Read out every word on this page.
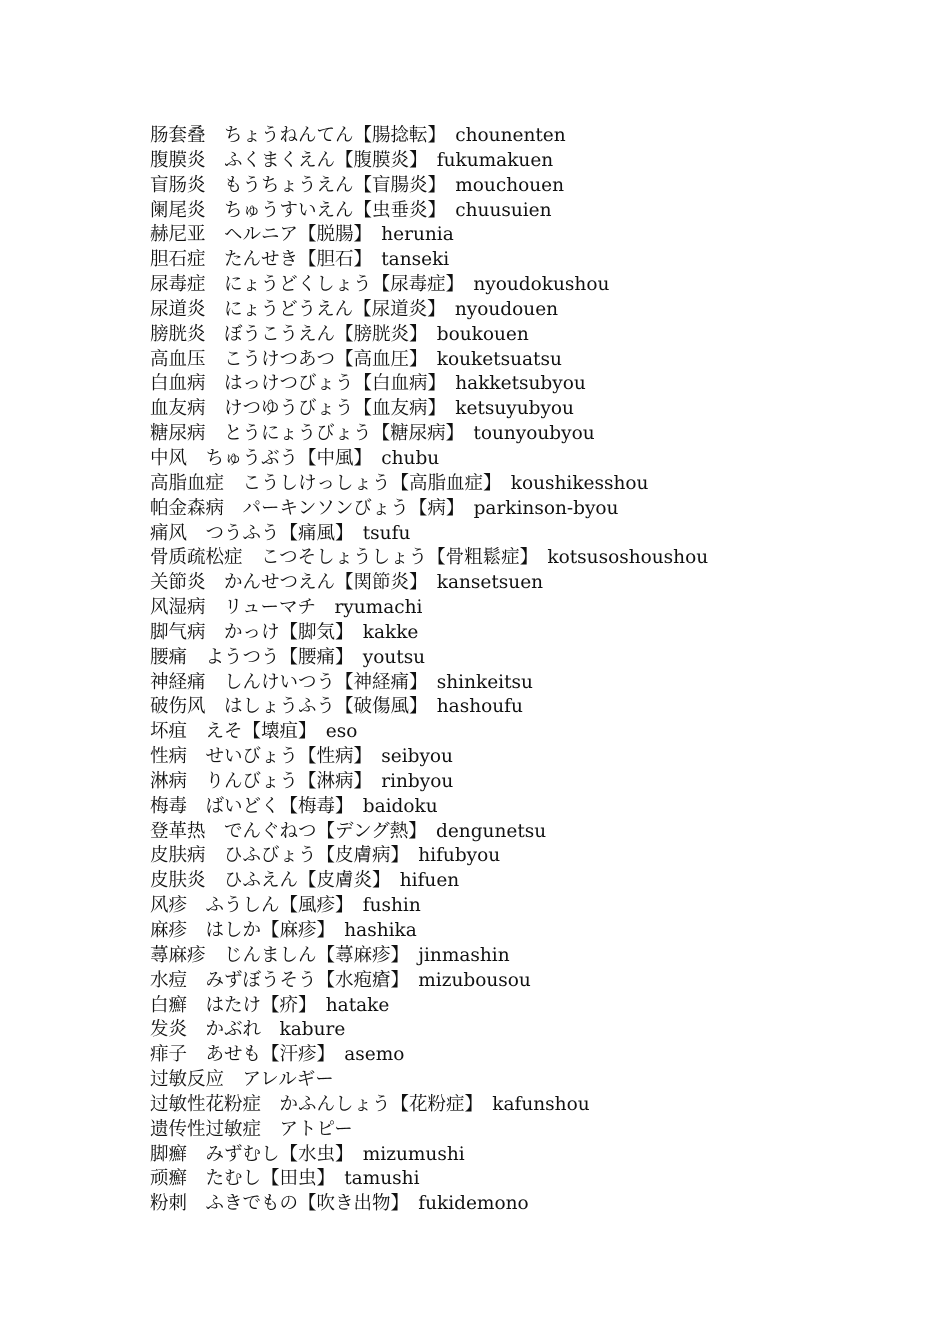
肠套叠　ちょうねんてん【腸捻転】　chounenten
腹膜炎　ふくまくえん【腹膜炎】　fukumakuen
盲肠炎　もうちょうえん【盲腸炎】　mouchouen
阑尾炎　ちゅうすいえん【虫垂炎】　chuusuien
赫尼亚　ヘルニア【脱腸】　herunia
胆石症　たんせき【胆石】　tanseki
尿毒症　にょうどくしょう【尿毒症】　nyoudokushou
尿道炎　にょうどうえん【尿道炎】　nyoudouen
膀胱炎　ぼうこうえん【膀胱炎】　boukouen
高血压　こうけつあつ【高血圧】　kouketsuatsu
白血病　はっけつびょう【白血病】　hakketsubyou
血友病　けつゆうびょう【血友病】　ketsuyubyou
糖尿病　とうにょうびょう【糖尿病】　tounyoubyou
中风　ちゅうぶう【中風】　chubu
高脂血症　こうしけっしょう【高脂血症】　koushikesshou
帕金森病　パーキンソンびょう【病】　parkinson-byou
痛风　つうふう【痛風】　tsufu
骨质疏松症　こつそしょうしょう【骨粗鬆症】　kotsusoshoushou
关節炎　かんせつえん【関節炎】　kansetsuen
风湿病　リューマチ　ryumachi
脚气病　かっけ【脚気】　kakke
腰痛　ようつう【腰痛】　youtsu
神経痛　しんけいつう【神経痛】　shinkeitsu
破伤风　はしょうふう【破傷風】　hashoufu
坏疽　えそ【壊疽】　eso
性病　せいびょう【性病】　seibyou
淋病　りんびょう【淋病】　rinbyou
梅毒　ばいどく【梅毒】　baidoku
登革热　でんぐねつ【デング熱】　dengunetsu
皮肤病　ひふびょう【皮膚病】　hifubyou
皮肤炎　ひふえん【皮膚炎】　hifuen
风疹　ふうしん【風疹】　fushin
麻疹　はしか【麻疹】　hashika
蕁麻疹　じんましん【蕁麻疹】　jinmashin
水痘　みずぼうそう【水疱瘡】　mizubousou
白癬　はたけ【疥】　hatake
发炎　かぶれ　kabure
痱子　あせも【汗疹】　asemo
过敏反应　アレルギー
过敏性花粉症　かふんしょう【花粉症】　kafunshou
遗传性过敏症　アトピー
脚癬　みずむし【水虫】　mizumushi
顽癬　たむし【田虫】　tamushi
粉刺　ふきでもの【吹き出物】　fukidemono
